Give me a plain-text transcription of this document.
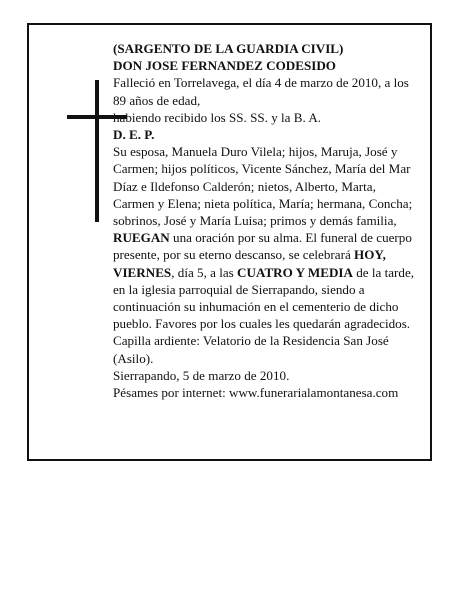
(SARGENTO DE LA GUARDIA CIVIL)

DON JOSE FERNANDEZ CODESIDO

Falleció en Torrelavega, el día 4 de marzo de 2010, a los 89 años de edad,

habiendo recibido los SS. SS. y la B. A.

D. E. P.

Su esposa, Manuela Duro Vilela; hijos, Maruja, José y Carmen; hijos políticos, Vicente Sánchez, María del Mar Díaz e Ildefonso Calderón; nietos, Alberto, Marta, Carmen y Elena; nieta política, María; hermana, Concha; sobrinos, José y María Luisa; primos y demás familia,

RUEGAN una oración por su alma. El funeral de cuerpo presente, por su eterno descanso, se celebrará HOY, VIERNES, día 5, a las CUATRO Y MEDIA de la tarde, en la iglesia parroquial de Sierrapando, siendo a continuación su inhumación en el cementerio de dicho pueblo. Favores por los cuales les quedarán agradecidos. Capilla ardiente: Velatorio de la Residencia San José (Asilo).

Sierrapando, 5 de marzo de 2010.

Pésames por internet: www.funerarialamontanesa.com
